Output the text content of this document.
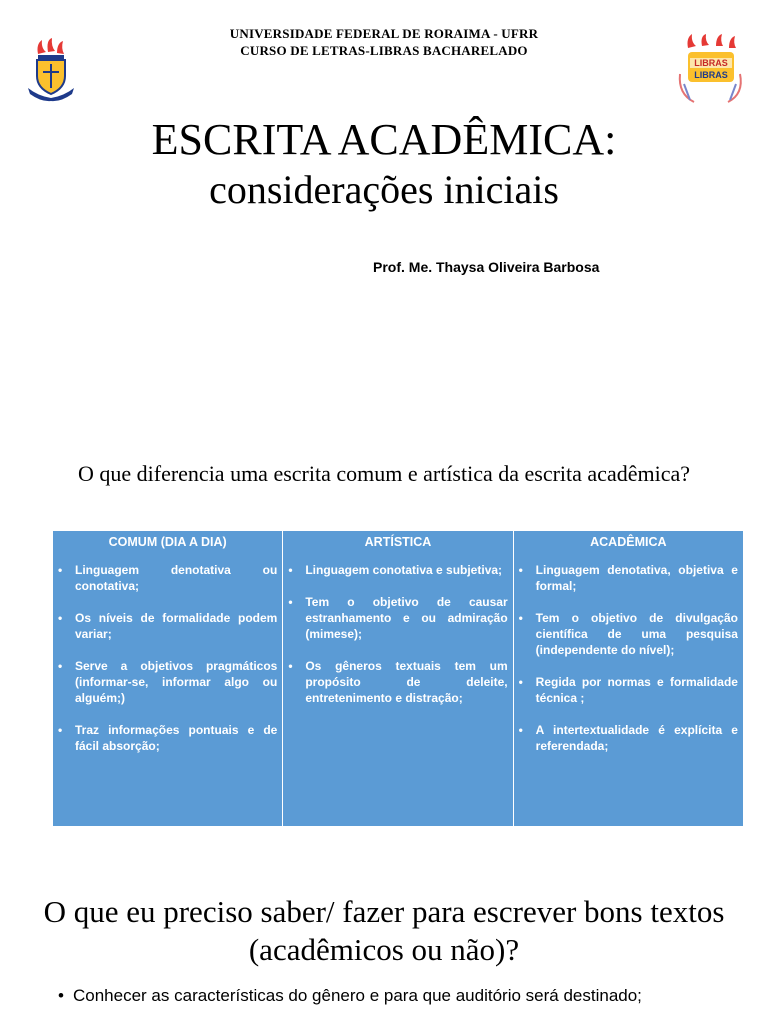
UNIVERSIDADE FEDERAL DE RORAIMA - UFRR
CURSO DE LETRAS-LIBRAS BACHARELADO
LIBRAS
LIBRAS
ESCRITA ACADÊMICA:
considerações iniciais
Prof. Me. Thaysa Oliveira Barbosa
O que diferencia uma escrita comum e artística da escrita acadêmica?
COMUM (DIA A DIA)
• Linguagem denotativa ou conotativa;
• Os níveis de formalidade podem variar;
• Serve a objetivos pragmáticos (informar-se, informar algo ou alguém;)
• Traz informações pontuais e de fácil absorção;
ARTÍSTICA
• Linguagem conotativa e subjetiva;
• Tem o objetivo de causar estranhamento e ou admiração (mimese);
• Os gêneros textuais tem um propósito de deleite, entretenimento e distração;
ACADÊMICA
• Linguagem denotativa, objetiva e formal;
• Tem o objetivo de divulgação científica de uma pesquisa (independente do nível);
• Regida por normas e formalidade técnica ;
• A intertextualidade é explícita e referendada;
O que eu preciso saber/ fazer para escrever bons textos (acadêmicos ou não)?
• Conhecer as características do gênero e para que auditório será destinado;
